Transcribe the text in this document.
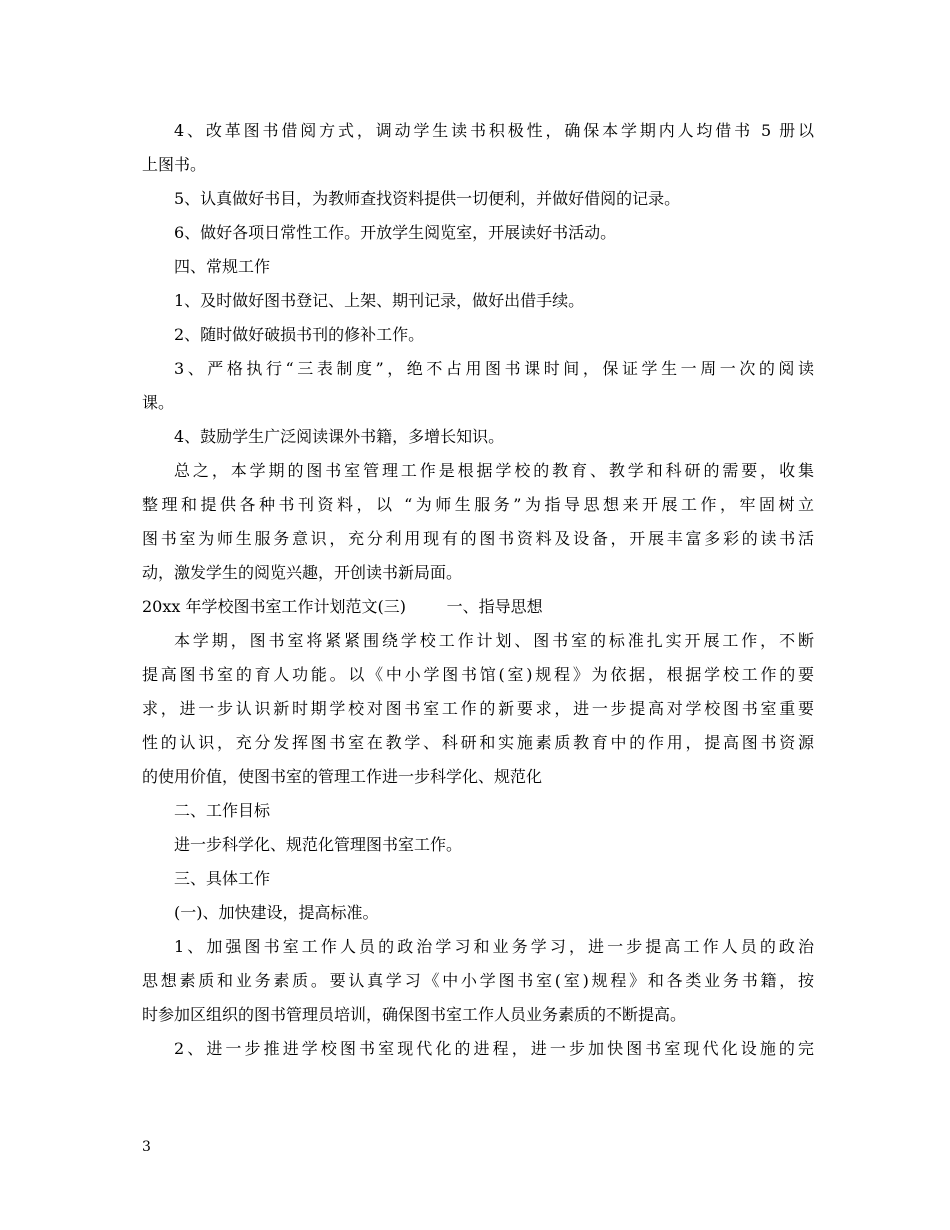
4、改革图书借阅方式，调动学生读书积极性，确保本学期内人均借书 5 册以
上图书。
5、认真做好书目，为教师查找资料提供一切便利，并做好借阅的记录。
6、做好各项日常性工作。开放学生阅览室，开展读好书活动。
四、常规工作
1、及时做好图书登记、上架、期刊记录，做好出借手续。
2、随时做好破损书刊的修补工作。
3、严格执行“三表制度”，绝不占用图书课时间，保证学生一周一次的阅读
课。
4、鼓励学生广泛阅读课外书籍，多增长知识。
总之，本学期的图书室管理工作是根据学校的教育、教学和科研的需要，收集
整理和提供各种书刊资料，以 “为师生服务”为指导思想来开展工作，牢固树立
图书室为师生服务意识，充分利用现有的图书资料及设备，开展丰富多彩的读书活
动，激发学生的阅览兴趣，开创读书新局面。
20xx 年学校图书室工作计划范文(三)        一、指导思想
本学期，图书室将紧紧围绕学校工作计划、图书室的标准扎实开展工作，不断
提高图书室的育人功能。以《中小学图书馆(室)规程》为依据，根据学校工作的要
求，进一步认识新时期学校对图书室工作的新要求，进一步提高对学校图书室重要
性的认识，充分发挥图书室在教学、科研和实施素质教育中的作用，提高图书资源
的使用价值，使图书室的管理工作进一步科学化、规范化
二、工作目标
进一步科学化、规范化管理图书室工作。
三、具体工作
(一)、加快建设，提高标准。
1、加强图书室工作人员的政治学习和业务学习，进一步提高工作人员的政治
思想素质和业务素质。要认真学习《中小学图书室(室)规程》和各类业务书籍，按
时参加区组织的图书管理员培训，确保图书室工作人员业务素质的不断提高。
2、进一步推进学校图书室现代化的进程，进一步加快图书室现代化设施的完
3
